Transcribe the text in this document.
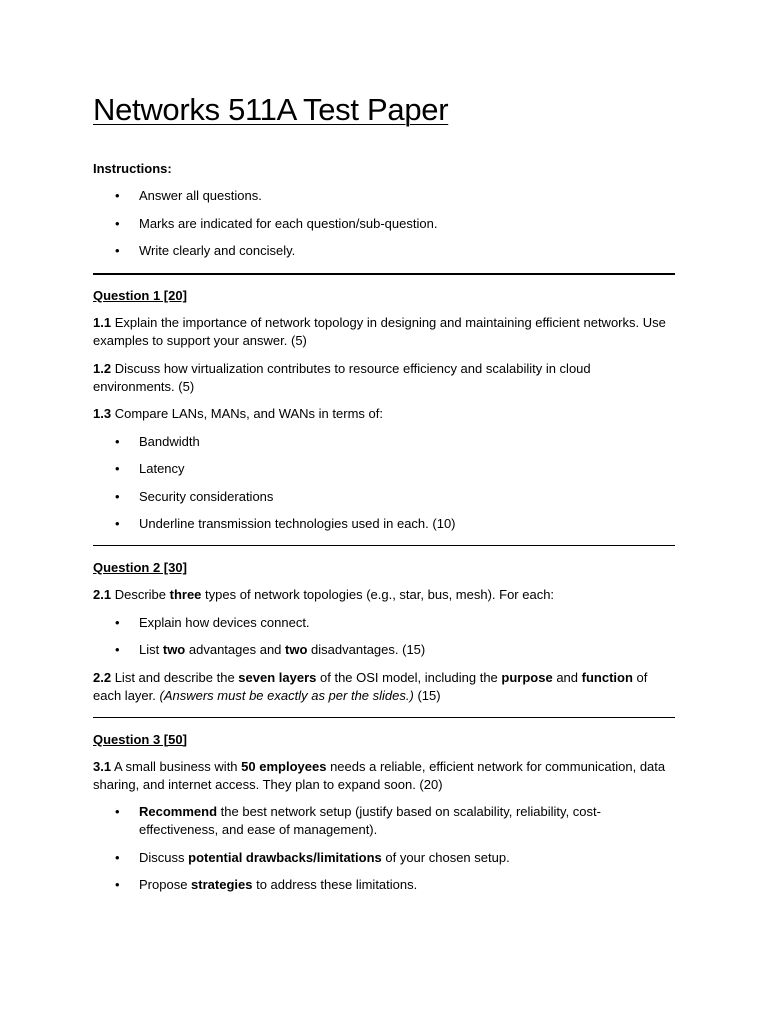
Networks 511A Test Paper
Instructions:
• Answer all questions.
• Marks are indicated for each question/sub-question.
• Write clearly and concisely.
Question 1 [20]

1.1 Explain the importance of network topology in designing and maintaining efficient networks. Use examples to support your answer. (5)

1.2 Discuss how virtualization contributes to resource efficiency and scalability in cloud environments. (5)

1.3 Compare LANs, MANs, and WANs in terms of:

• Bandwidth
• Latency
• Security considerations
• Underline transmission technologies used in each. (10)
Question 2 [30]

2.1 Describe three types of network topologies (e.g., star, bus, mesh). For each:

• Explain how devices connect.
• List two advantages and two disadvantages. (15)

2.2 List and describe the seven layers of the OSI model, including the purpose and function of each layer. (Answers must be exactly as per the slides.) (15)

Question 3 [50]

3.1 A small business with 50 employees needs a reliable, efficient network for communication, data sharing, and internet access. They plan to expand soon. (20)

• Recommend the best network setup (justify based on scalability, reliability, cost-effectiveness, and ease of management).
• Discuss potential drawbacks/limitations of your chosen setup.
• Propose strategies to address these limitations.
